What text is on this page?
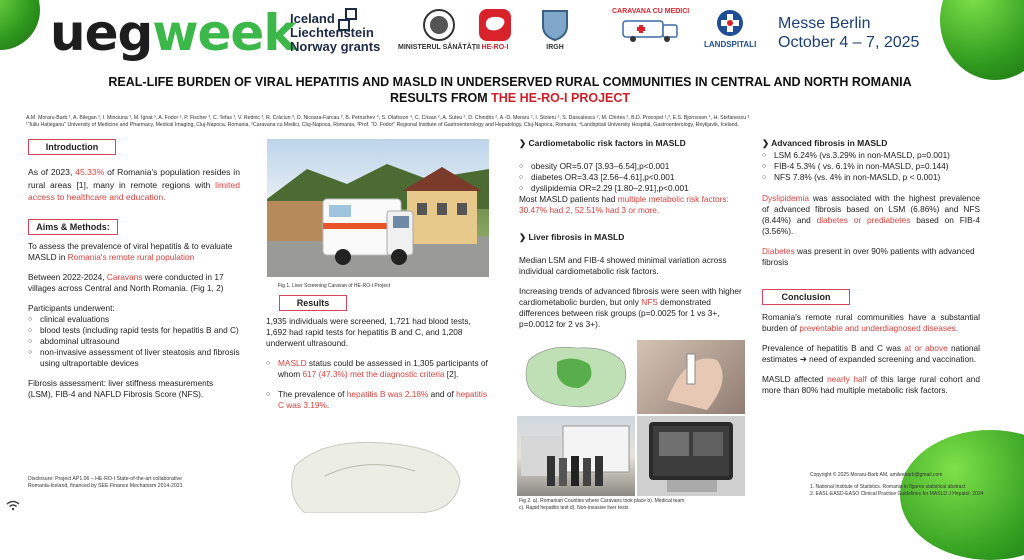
uegweek
Iceland
Liechtenstein
Norway grants	MINISTERUL SĂNĂTĂȚII HE-RO-I	IRGH
CARAVANA CU MEDICI
LANDSPITALI
Messe Berlin
October 4 – 7, 2025
REAL-LIFE BURDEN OF VIRAL HEPATITIS AND MASLD IN UNDERSERVED RURAL COMMUNITIES IN CENTRAL AND NORTH ROMANIA
RESULTS FROM THE HE-RO-I PROJECT
A.M. Moraru-Barb ¹, A. Bilegan ², I. Minciuna ³, M. Ignat ³, A. Fodor ³, P. Fischer ³, C. Tefas ³, V. Rednic ³, R. Crăciun ³, O. Nicoara-Farcau ³, B. Petrushev ⁴, S. Olafsson ⁴, C. Crisan ², A. Suteu ², D. Chindris ², A.-D. Moraru ², I. Stoleru ², S. Dascalescu ², M. Chirtes ², B.D. Procopet ¹,³, E.S. Bjornsson ⁴, H. Stefanescu ³
¹"Iuliu Hațieganu" University of Medicine and Pharmacy, Medical Imaging, Cluj-Napoca, Romania, ²Caravana cu Medici, Cluj-Napoca, Romania, ³Prof. "O. Fodor" Regional Institute of Gastroenterology and Hepatology, Cluj-Napoca, Romania, ⁴Landspitali University Hospital, Gastroenterology, Reykjavik, Iceland,
Introduction
As of 2023, 45.33% of Romania's population resides in rural areas [1], many in remote regions with limited access to healthcare and education.
Aims & Methods:

To assess the prevalence of viral hepatitis & to evaluate MASLD in Romania's remote rural population

Between 2022-2024, Caravans were conducted in 17 villages across Central and North Romania. (Fig 1, 2)

Participants underwent:
○ clinical evaluations
○ blood tests (including rapid tests for hepatitis B and C)
○ abdominal ultrasound
○ non-invasive assessment of liver steatosis and fibrosis using ultraportable devices

Fibrosis assessment: liver stiffness measurements (LSM), FIB-4 and NAFLD Fibrosis Score (NFS).

Disclosure: Project AP1.06 – HE-RO-I State-of-the-art collaborative
Romania-Iceland, financed by SEE Finance Mechanism 2014-2021
Fig 1. Liver Screening Caravan of HE-RO-I Project
Results

1,935 individuals were screened, 1,721 had blood tests, 1,692 had rapid tests for hepatitis B and C, and 1,208 underwent ultrasound.

○ MASLD status could be assessed in 1,305 participants of whom 617 (47.3%) met the diagnostic criteria [2].
○ The prevalence of hepatitis B was 2.18% and of hepatitis C was 3.19%.
❯ Cardiometabolic risk factors in MASLD
○ obesity OR=5.07 [3.93–6.54],p<0.001
○ diabetes OR=3.43 [2.56–4.61],p<0.001
○ dyslipidemia OR=2.29 [1.80–2.91],p<0.001
Most MASLD patients had multiple metabolic risk factors: 30.47% had 2, 52.51% had 3 or more.
❯ Liver fibrosis in MASLD

Median LSM and FIB-4 showed minimal variation across individual cardiometabolic risk factors.

Increasing trends of advanced fibrosis were seen with higher cardiometabolic burden, but only NFS demonstrated differences between risk groups (p=0.0025 for 1 vs 3+, p=0.0012 for 2 vs 3+).

Fig 2. a). Romanian Counties where Caravans took place b). Medical team
c). Rapid hepatitis test d). Non-invasive liver tests
❯ Advanced fibrosis in MASLD
○ LSM 6.24% (vs.3.29% in non-MASLD, p=0.001)
○ FIB-4 5.3% ( vs. 6.1% in non-MASLD, p=0.144)
○ NFS 7.8% (vs. 4% in non-MASLD, p < 0.001)

Dyslipidemia was associated with the highest prevalence of advanced fibrosis based on LSM (6.86%) and NFS (8.44%) and diabetes or prediabetes based on FIB-4 (3.56%).

Diabetes was present in over 90% patients with advanced fibrosis

Conclusion

Romania's remote rural communities have a substantial burden of preventable and underdiagnosed diseases.

Prevalence of hepatitis B and C was at or above national estimates ➔ need of expanded screening and vaccination.

MASLD affected nearly half of this large rural cohort and more than 80% had multiple metabolic risk factors.

Copyright © 2025 Moraru-Barb AM, amileebarb@gmail.com
1. National Institute of Statistics. Romania in figures statistical abstract
2. EASL-EASD-EASO Clinical Practice Guidelines for MASLD J Hepatol. 2024
